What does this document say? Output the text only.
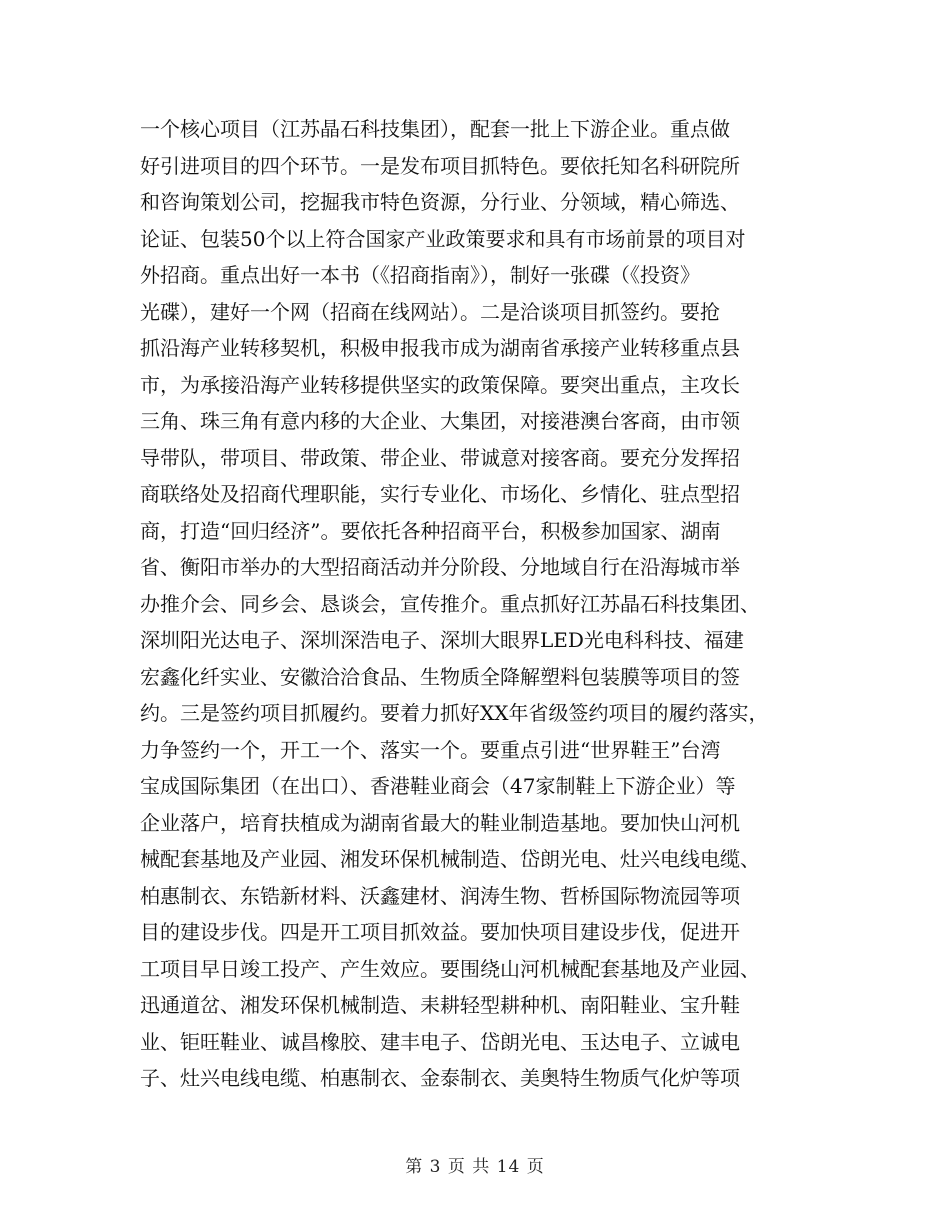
一个核心项目（江苏晶石科技集团），配套一批上下游企业。重点做
好引进项目的四个环节。一是发布项目抓特色。要依托知名科研院所
和咨询策划公司，挖掘我市特色资源，分行业、分领域，精心筛选、
论证、包装50个以上符合国家产业政策要求和具有市场前景的项目对
外招商。重点出好一本书（《招商指南》），制好一张碟（《投资》
光碟），建好一个网（招商在线网站）。二是洽谈项目抓签约。要抢
抓沿海产业转移契机，积极申报我市成为湖南省承接产业转移重点县
市，为承接沿海产业转移提供坚实的政策保障。要突出重点，主攻长
三角、珠三角有意内移的大企业、大集团，对接港澳台客商，由市领
导带队，带项目、带政策、带企业、带诚意对接客商。要充分发挥招
商联络处及招商代理职能，实行专业化、市场化、乡情化、驻点型招
商，打造“回归经济”。要依托各种招商平台，积极参加国家、湖南
省、衡阳市举办的大型招商活动并分阶段、分地域自行在沿海城市举
办推介会、同乡会、恳谈会，宣传推介。重点抓好江苏晶石科技集团、
深圳阳光达电子、深圳深浩电子、深圳大眼界LED光电科科技、福建
宏鑫化纤实业、安徽洽洽食品、生物质全降解塑料包装膜等项目的签
约。三是签约项目抓履约。要着力抓好XX年省级签约项目的履约落实，
力争签约一个，开工一个、落实一个。要重点引进“世界鞋王”台湾
宝成国际集团（在出口）、香港鞋业商会（47家制鞋上下游企业）等
企业落户，培育扶植成为湖南省最大的鞋业制造基地。要加快山河机
械配套基地及产业园、湘发环保机械制造、岱朗光电、灶兴电线电缆、
柏惠制衣、东锆新材料、沃鑫建材、润涛生物、哲桥国际物流园等项
目的建设步伐。四是开工项目抓效益。要加快项目建设步伐，促进开
工项目早日竣工投产、产生效应。要围绕山河机械配套基地及产业园、
迅通道岔、湘发环保机械制造、耒耕轻型耕种机、南阳鞋业、宝升鞋
业、钜旺鞋业、诚昌橡胶、建丰电子、岱朗光电、玉达电子、立诚电
子、灶兴电线电缆、柏惠制衣、金泰制衣、美奥特生物质气化炉等项
第 3 页 共 14 页
